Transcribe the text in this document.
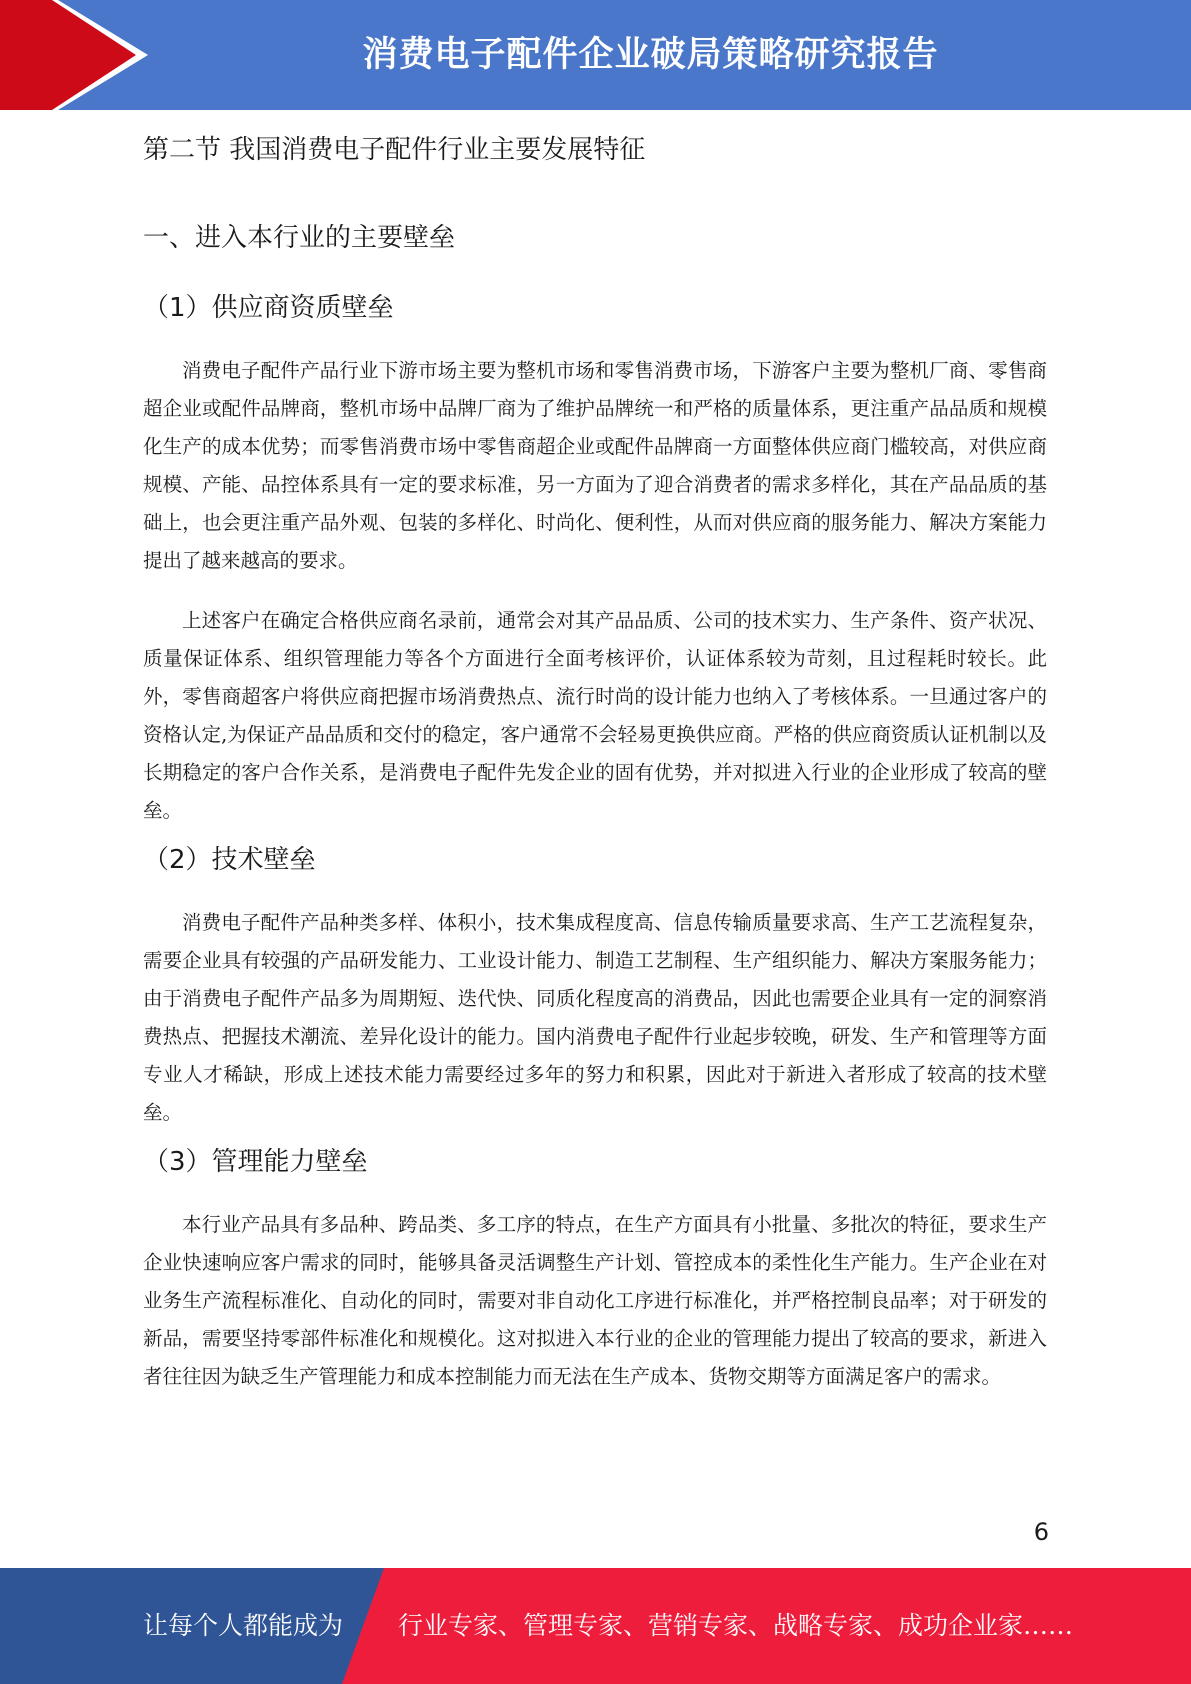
消费电子配件企业破局策略研究报告
第二节 我国消费电子配件行业主要发展特征
一、进入本行业的主要壁垒
（1）供应商资质壁垒

消费电子配件产品行业下游市场主要为整机市场和零售消费市场，下游客户主要为整机厂商、零售商超企业或配件品牌商，整机市场中品牌厂商为了维护品牌统一和严格的质量体系，更注重产品品质和规模化生产的成本优势；而零售消费市场中零售商超企业或配件品牌商一方面整体供应商门槛较高，对供应商规模、产能、品控体系具有一定的要求标准，另一方面为了迎合消费者的需求多样化，其在产品品质的基础上，也会更注重产品外观、包装的多样化、时尚化、便利性，从而对供应商的服务能力、解决方案能力提出了越来越高的要求。

上述客户在确定合格供应商名录前，通常会对其产品品质、公司的技术实力、生产条件、资产状况、质量保证体系、组织管理能力等各个方面进行全面考核评价，认证体系较为苛刻，且过程耗时较长。此外，零售商超客户将供应商把握市场消费热点、流行时尚的设计能力也纳入了考核体系。一旦通过客户的资格认定,为保证产品品质和交付的稳定，客户通常不会轻易更换供应商。严格的供应商资质认证机制以及长期稳定的客户合作关系，是消费电子配件先发企业的固有优势，并对拟进入行业的企业形成了较高的壁垒。

（2）技术壁垒

消费电子配件产品种类多样、体积小，技术集成程度高、信息传输质量要求高、生产工艺流程复杂，需要企业具有较强的产品研发能力、工业设计能力、制造工艺制程、生产组织能力、解决方案服务能力；由于消费电子配件产品多为周期短、迭代快、同质化程度高的消费品，因此也需要企业具有一定的洞察消费热点、把握技术潮流、差异化设计的能力。国内消费电子配件行业起步较晚，研发、生产和管理等方面专业人才稀缺，形成上述技术能力需要经过多年的努力和积累，因此对于新进入者形成了较高的技术壁垒。

（3）管理能力壁垒

本行业产品具有多品种、跨品类、多工序的特点，在生产方面具有小批量、多批次的特征，要求生产企业快速响应客户需求的同时，能够具备灵活调整生产计划、管控成本的柔性化生产能力。生产企业在对业务生产流程标准化、自动化的同时，需要对非自动化工序进行标准化，并严格控制良品率；对于研发的新品，需要坚持零部件标准化和规模化。这对拟进入本行业的企业的管理能力提出了较高的要求，新进入者往往因为缺乏生产管理能力和成本控制能力而无法在生产成本、货物交期等方面满足客户的需求。

6
让每个人都能成为 行业专家、管理专家、营销专家、战略专家、成功企业家……
